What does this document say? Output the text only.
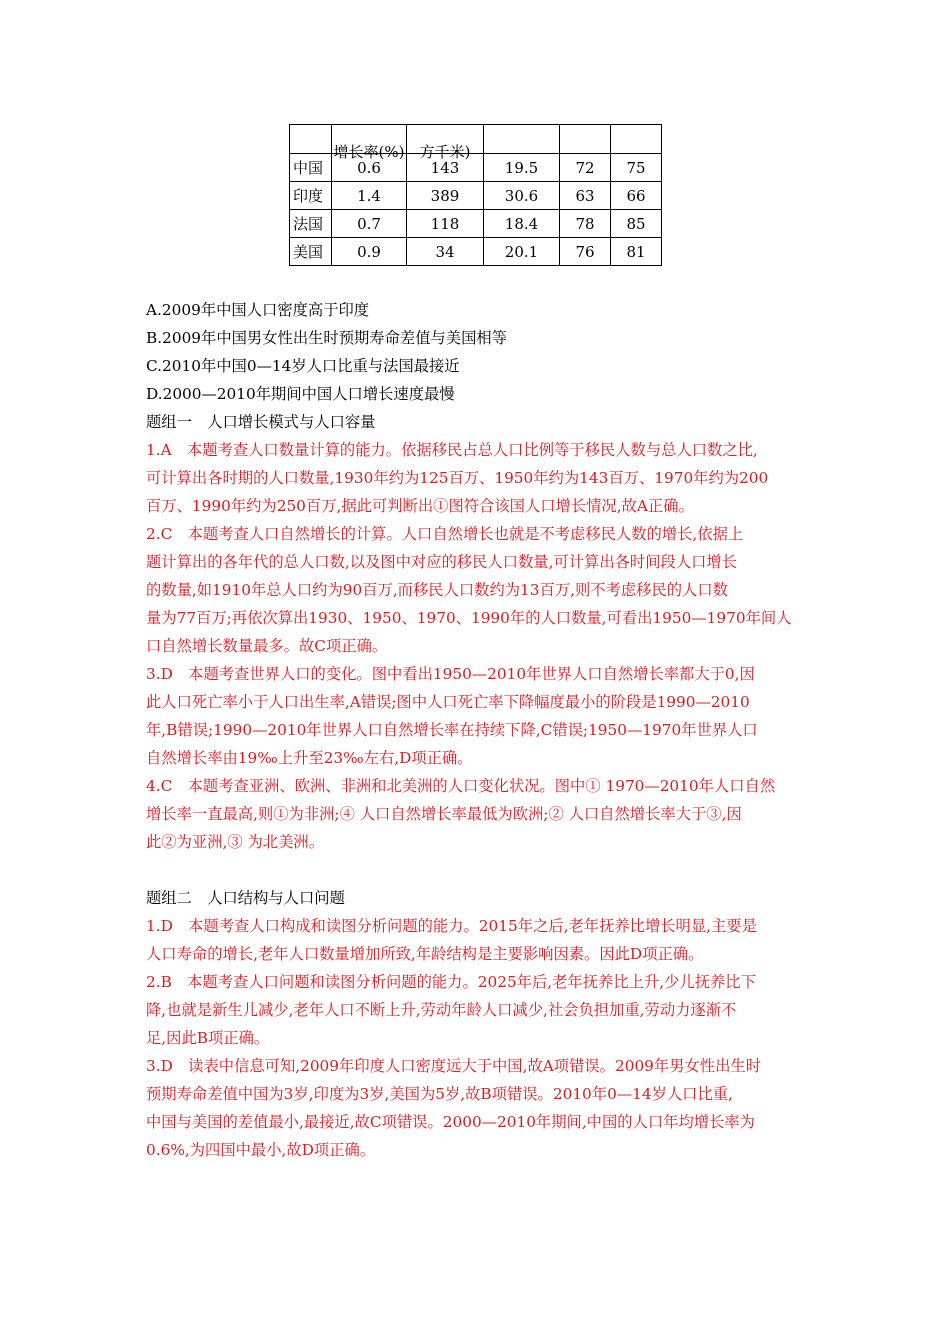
	增长率(%)	方千米)			

中国	0.6	143	19.5	72	75
印度	1.4	389	30.6	63	66
法国	0.7	118	18.4	78	85
美国	0.9	34	20.1	76	81
A.2009年中国人口密度高于印度
B.2009年中国男女性出生时预期寿命差值与美国相等
C.2010年中国0—14岁人口比重与法国最接近
D.2000—2010年期间中国人口增长速度最慢
题组一　人口增长模式与人口容量
1.A　本题考查人口数量计算的能力。依据移民占总人口比例等于移民人数与总人口数之比,
可计算出各时期的人口数量,1930年约为125百万、1950年约为143百万、1970年约为200
百万、1990年约为250百万,据此可判断出①图符合该国人口增长情况,故A正确。
2.C　本题考查人口自然增长的计算。人口自然增长也就是不考虑移民人数的增长,依据上
题计算出的各年代的总人口数,以及图中对应的移民人口数量,可计算出各时间段人口增长
的数量,如1910年总人口约为90百万,而移民人口数约为13百万,则不考虑移民的人口数
量为77百万;再依次算出1930、1950、1970、1990年的人口数量,可看出1950—1970年间人
口自然增长数量最多。故C项正确。
3.D　本题考查世界人口的变化。图中看出1950—2010年世界人口自然增长率都大于0,因
此人口死亡率小于人口出生率,A错误;图中人口死亡率下降幅度最小的阶段是1990—2010
年,B错误;1990—2010年世界人口自然增长率在持续下降,C错误;1950—1970年世界人口
自然增长率由19‰上升至23‰左右,D项正确。
4.C　本题考查亚洲、欧洲、非洲和北美洲的人口变化状况。图中① 1970—2010年人口自然
增长率一直最高,则①为非洲;④ 人口自然增长率最低为欧洲;② 人口自然增长率大于③,因
此②为亚洲,③ 为北美洲。
题组二　人口结构与人口问题
1.D　本题考查人口构成和读图分析问题的能力。2015年之后,老年抚养比增长明显,主要是
人口寿命的增长,老年人口数量增加所致,年龄结构是主要影响因素。因此D项正确。
2.B　本题考查人口问题和读图分析问题的能力。2025年后,老年抚养比上升,少儿抚养比下
降,也就是新生儿减少,老年人口不断上升,劳动年龄人口减少,社会负担加重,劳动力逐渐不
足,因此B项正确。
3.D　读表中信息可知,2009年印度人口密度远大于中国,故A项错误。2009年男女性出生时
预期寿命差值中国为3岁,印度为3岁,美国为5岁,故B项错误。2010年0—14岁人口比重,
中国与美国的差值最小,最接近,故C项错误。2000—2010年期间,中国的人口年均增长率为
0.6%,为四国中最小,故D项正确。
